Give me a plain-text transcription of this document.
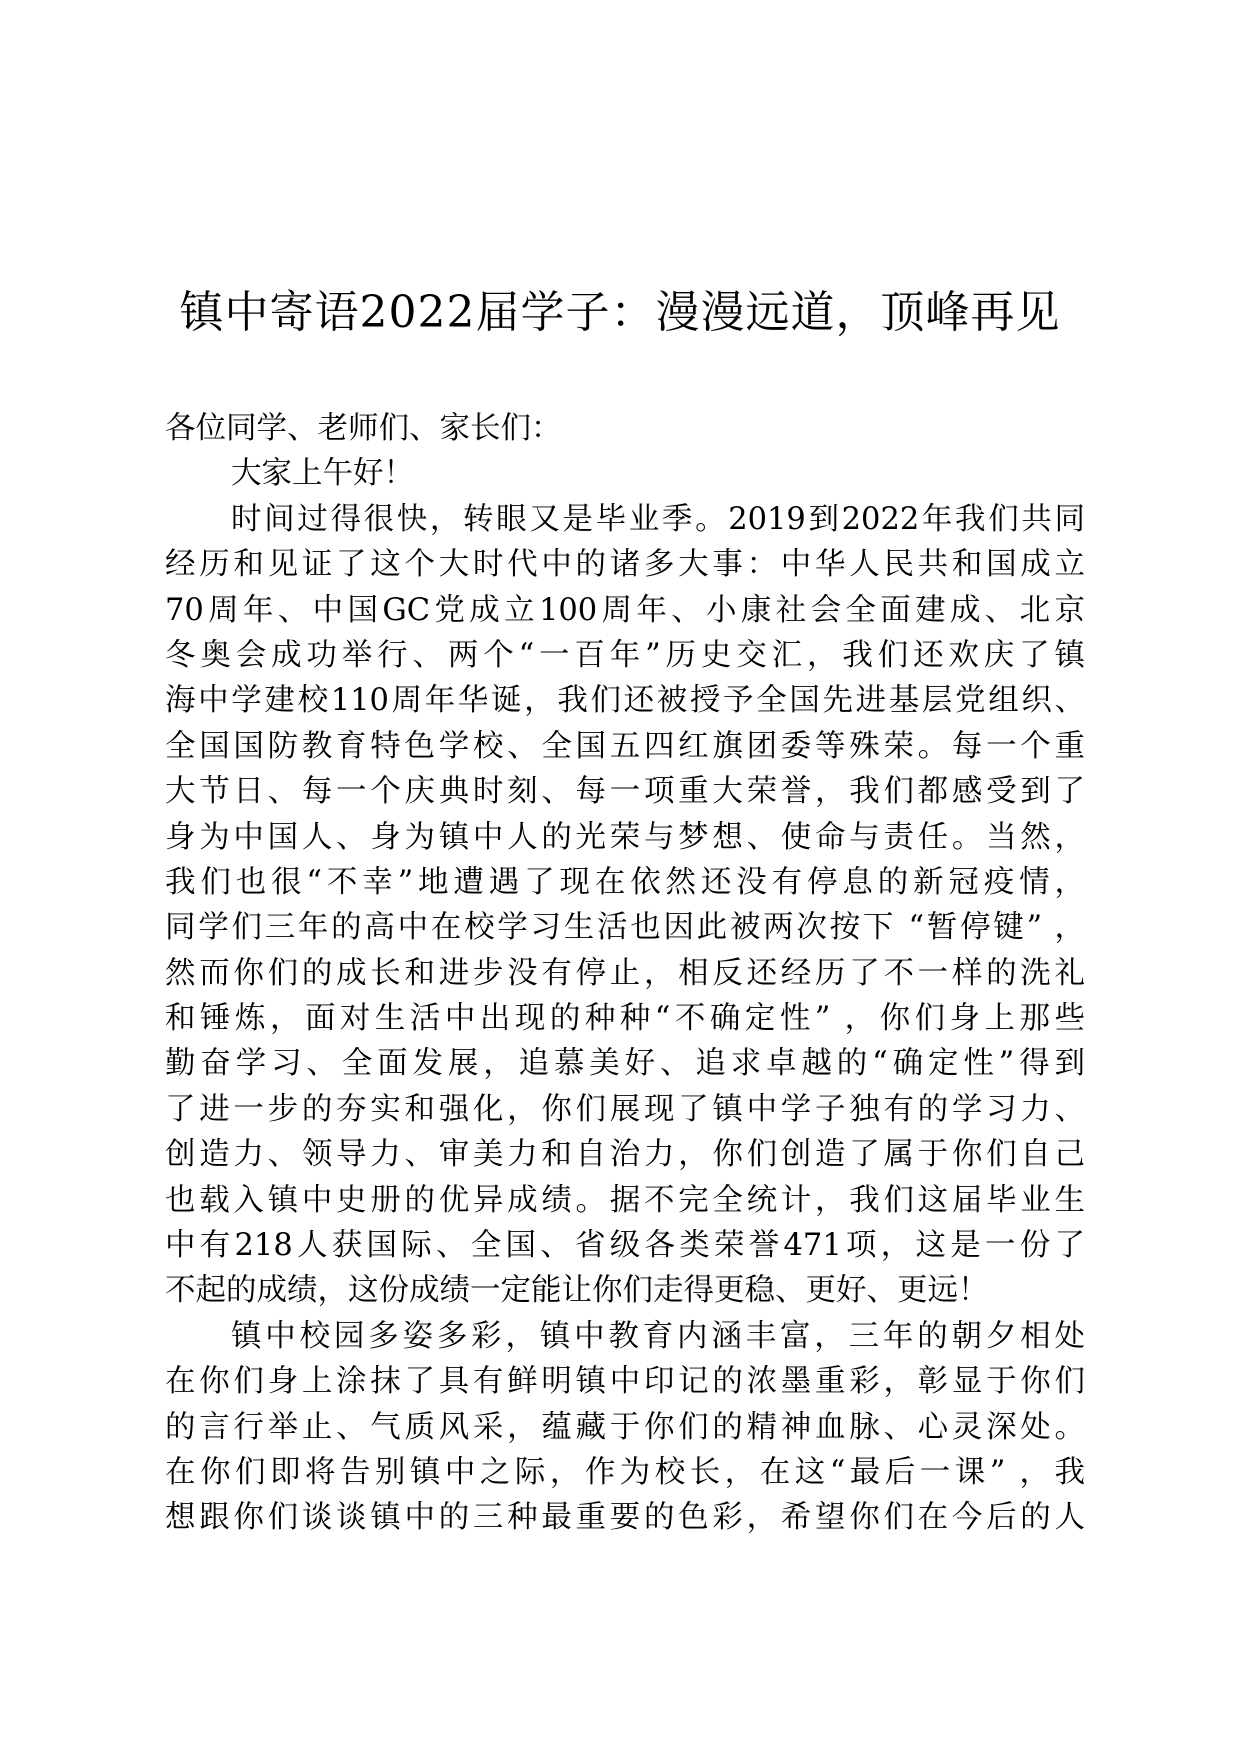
镇中寄语2022届学子：漫漫远道，顶峰再见
各位同学、老师们、家长们：
大家上午好！
时间过得很快，转眼又是毕业季。2019到2022年我们共同
经历和见证了这个大时代中的诸多大事：中华人民共和国成立
70周年、中国GC党成立100周年、小康社会全面建成、北京
冬奥会成功举行、两个“一百年”历史交汇，我们还欢庆了镇
海中学建校110周年华诞，我们还被授予全国先进基层党组织、
全国国防教育特色学校、全国五四红旗团委等殊荣。每一个重
大节日、每一个庆典时刻、每一项重大荣誉，我们都感受到了
身为中国人、身为镇中人的光荣与梦想、使命与责任。当然，
我们也很“不幸”地遭遇了现在依然还没有停息的新冠疫情，
同学们三年的高中在校学习生活也因此被两次按下 “暂停键” ，
然而你们的成长和进步没有停止，相反还经历了不一样的洗礼
和锤炼，面对生活中出现的种种“不确定性” ，你们身上那些
勤奋学习、全面发展，追慕美好、追求卓越的“确定性”得到
了进一步的夯实和强化，你们展现了镇中学子独有的学习力、
创造力、领导力、审美力和自治力，你们创造了属于你们自己
也载入镇中史册的优异成绩。据不完全统计，我们这届毕业生
中有218人获国际、全国、省级各类荣誉471项，这是一份了
不起的成绩，这份成绩一定能让你们走得更稳、更好、更远！
镇中校园多姿多彩，镇中教育内涵丰富，三年的朝夕相处
在你们身上涂抹了具有鲜明镇中印记的浓墨重彩，彰显于你们
的言行举止、气质风采，蕴藏于你们的精神血脉、心灵深处。
在你们即将告别镇中之际，作为校长，在这“最后一课” ，我
想跟你们谈谈镇中的三种最重要的色彩，希望你们在今后的人
